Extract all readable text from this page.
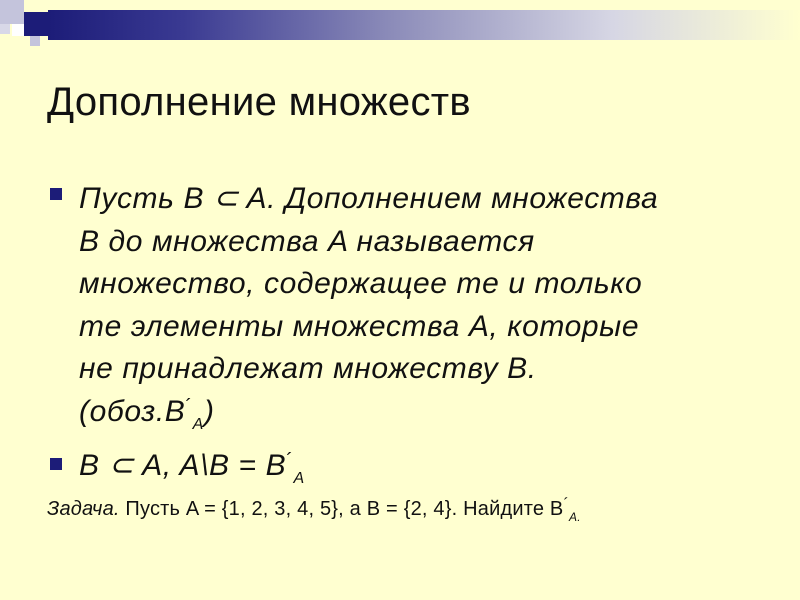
Дополнение множеств
Пусть B ⊂ A. Дополнением множества
B до множества A называется
множество, содержащее те и только
те элементы множества A, которые
не принадлежат множеству B.
$(обоз.B^´_A)$
B ⊂ A, A\B = $B^´_A$
Задача. Пусть A = {1, 2, 3, 4, 5}, а B = {2, 4}. Найдите $B^´_{A.}$
